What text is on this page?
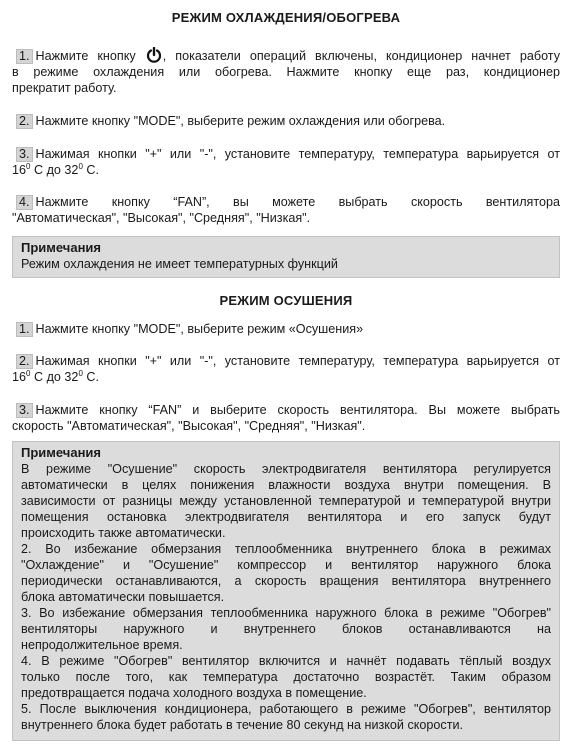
РЕЖИМ ОХЛАЖДЕНИЯ/ОБОГРЕВА
1. Нажмите кнопку , показатели операций включены, кондиционер начнет работу
в режиме охлаждения или обогрева. Нажмите кнопку еще раз, кондиционер
прекратит работу.
2. Нажмите кнопку "MODE", выберите режим охлаждения или обогрева.
3. Нажимая кнопки "+" или "-", установите температуру, температура варьируется от
$16^0$ C до $32^0$ C.
4. Нажмите кнопку “FAN”, вы можете выбрать скорость вентилятора
"Автоматическая", "Высокая", "Средняя", "Низкая".
Примечания
Режим охлаждения не имеет температурных функций
РЕЖИМ ОСУШЕНИЯ
1. Нажмите кнопку "MODE", выберите режим «Осушения»
2. Нажимая кнопки "+" или "-", установите температуру, температура варьируется от
$16^0$ C до $32^0$ C.
3. Нажмите кнопку “FAN” и выберите скорость вентилятора. Вы можете выбрать
скорость "Автоматическая", "Высокая", "Средняя", "Низкая".
Примечания
В режиме "Осушение" скорость электродвигателя вентилятора регулируется
автоматически в целях понижения влажности воздуха внутри помещения. В
зависимости от разницы между установленной температурой и температурой внутри
помещения остановка электродвигателя вентилятора и его запуск будут
происходить также автоматически.
2. Во избежание обмерзания теплообменника внутреннего блока в режимах
"Охлаждение" и "Осушение" компрессор и вентилятор наружного блока
периодически останавливаются, а скорость вращения вентилятора внутреннего
блока автоматически повышается.
3. Во избежание обмерзания теплообменника наружного блока в режиме "Обогрев"
вентиляторы наружного и внутреннего блоков останавливаются на
непродолжительное время.
4. В режиме "Обогрев" вентилятор включится и начнёт подавать тёплый воздух
только после того, как температура достаточно возрастёт. Таким образом
предотвращается подача холодного воздуха в помещение.
5. После выключения кондиционера, работающего в режиме "Обогрев", вентилятор
внутреннего блока будет работать в течение 80 секунд на низкой скорости.
